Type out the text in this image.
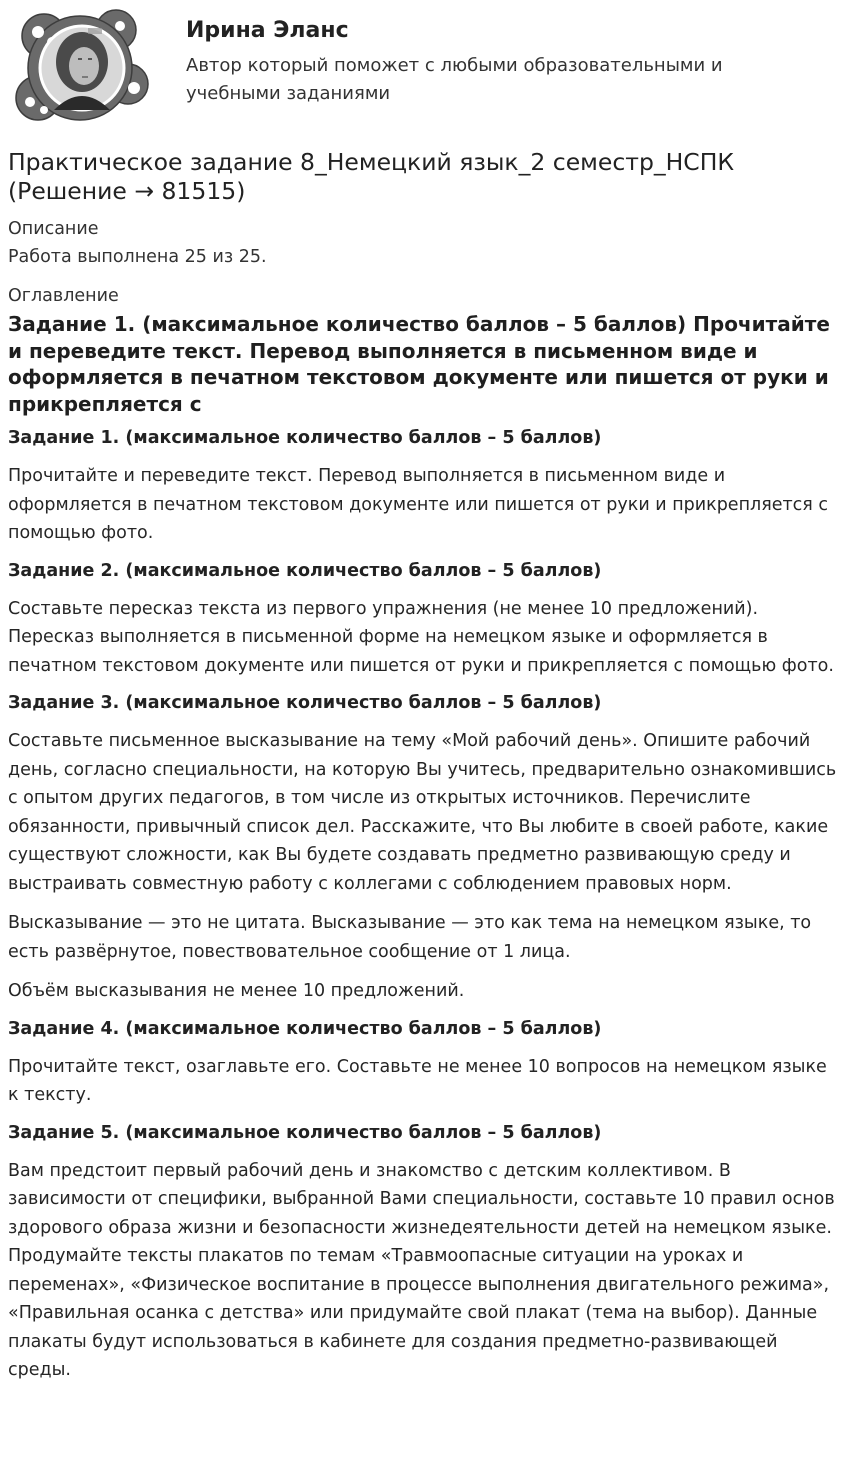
Ирина Эланс

Автор который поможет с любыми образовательными и учебными заданиями

Практическое задание 8_Немецкий язык_2 семестр_НСПК (Решение → 81515)

Описание

Работа выполнена 25 из 25.

Оглавление

Задание 1. (максимальное количество баллов – 5 баллов) Прочитайте и переведите текст. Перевод выполняется в письменном виде и оформляется в печатном текстовом документе или пишется от руки и прикрепляется с

Задание 1. (максимальное количество баллов – 5 баллов)

Прочитайте и переведите текст. Перевод выполняется в письменном виде и оформляется в печатном текстовом документе или пишется от руки и прикрепляется с помощью фото.

Задание 2. (максимальное количество баллов – 5 баллов)

Составьте пересказ текста из первого упражнения (не менее 10 предложений). Пересказ выполняется в письменной форме на немецком языке и оформляется в печатном текстовом документе или пишется от руки и прикрепляется с помощью фото.

Задание 3. (максимальное количество баллов – 5 баллов)

Составьте письменное высказывание на тему «Мой рабочий день». Опишите рабочий день, согласно специальности, на которую Вы учитесь, предварительно ознакомившись с опытом других педагогов, в том числе из открытых источников. Перечислите обязанности, привычный список дел. Расскажите, что Вы любите в своей работе, какие существуют сложности, как Вы будете создавать предметно развивающую среду и выстраивать совместную работу с коллегами с соблюдением правовых норм.

Высказывание — это не цитата. Высказывание — это как тема на немецком языке, то есть развёрнутое, повествовательное сообщение от 1 лица.

Объём высказывания не менее 10 предложений.

Задание 4. (максимальное количество баллов – 5 баллов)

Прочитайте текст, озаглавьте его. Составьте не менее 10 вопросов на немецком языке к тексту.

Задание 5. (максимальное количество баллов – 5 баллов)

Вам предстоит первый рабочий день и знакомство с детским коллективом. В зависимости от специфики, выбранной Вами специальности, составьте 10 правил основ здорового образа жизни и безопасности жизнедеятельности детей на немецком языке. Продумайте тексты плакатов по темам «Травмоопасные ситуации на уроках и переменах», «Физическое воспитание в процессе выполнения двигательного режима», «Правильная осанка с детства» или придумайте свой плакат (тема на выбор). Данные плакаты будут использоваться в кабинете для создания предметно-развивающей среды.
